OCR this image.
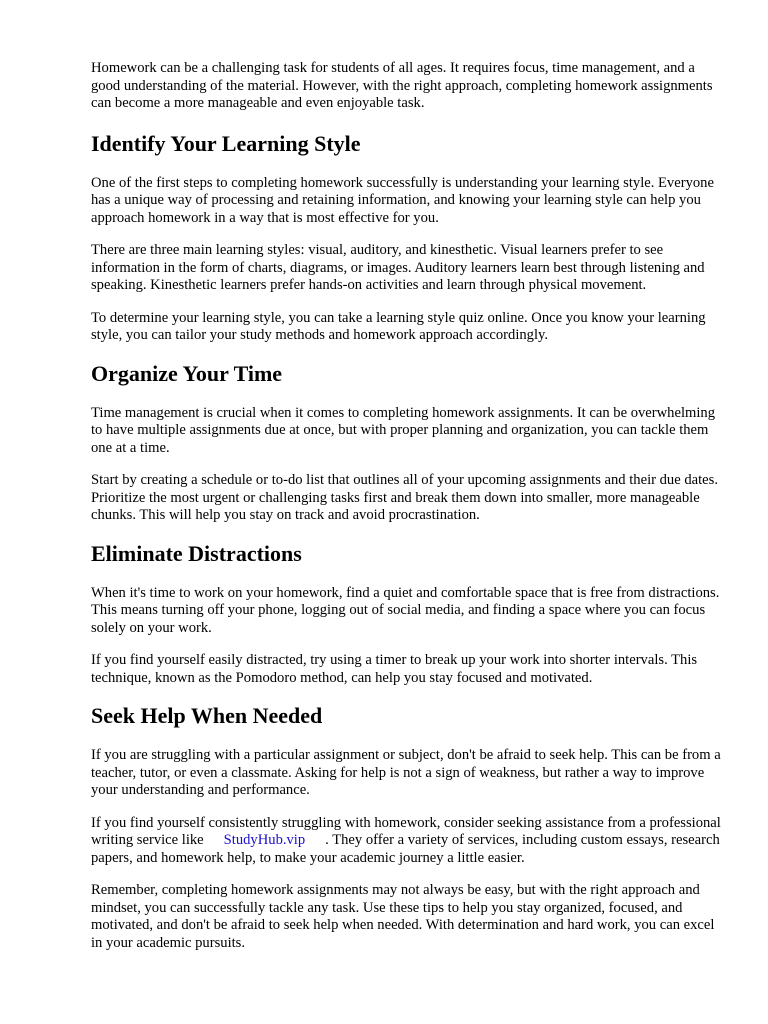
Homework can be a challenging task for students of all ages. It requires focus, time management, and a good understanding of the material. However, with the right approach, completing homework assignments can become a more manageable and even enjoyable task.

Identify Your Learning Style

One of the first steps to completing homework successfully is understanding your learning style. Everyone has a unique way of processing and retaining information, and knowing your learning style can help you approach homework in a way that is most effective for you.

There are three main learning styles: visual, auditory, and kinesthetic. Visual learners prefer to see information in the form of charts, diagrams, or images. Auditory learners learn best through listening and speaking. Kinesthetic learners prefer hands-on activities and learn through physical movement.

To determine your learning style, you can take a learning style quiz online. Once you know your learning style, you can tailor your study methods and homework approach accordingly.

Organize Your Time

Time management is crucial when it comes to completing homework assignments. It can be overwhelming to have multiple assignments due at once, but with proper planning and organization, you can tackle them one at a time.

Start by creating a schedule or to-do list that outlines all of your upcoming assignments and their due dates. Prioritize the most urgent or challenging tasks first and break them down into smaller, more manageable chunks. This will help you stay on track and avoid procrastination.

Eliminate Distractions

When it's time to work on your homework, find a quiet and comfortable space that is free from distractions. This means turning off your phone, logging out of social media, and finding a space where you can focus solely on your work.

If you find yourself easily distracted, try using a timer to break up your work into shorter intervals. This technique, known as the Pomodoro method, can help you stay focused and motivated.

Seek Help When Needed

If you are struggling with a particular assignment or subject, don't be afraid to seek help. This can be from a teacher, tutor, or even a classmate. Asking for help is not a sign of weakness, but rather a way to improve your understanding and performance.

If you find yourself consistently struggling with homework, consider seeking assistance from a professional writing service like StudyHub.vip . They offer a variety of services, including custom essays, research papers, and homework help, to make your academic journey a little easier.

Remember, completing homework assignments may not always be easy, but with the right approach and mindset, you can successfully tackle any task. Use these tips to help you stay organized, focused, and motivated, and don't be afraid to seek help when needed. With determination and hard work, you can excel in your academic pursuits.
